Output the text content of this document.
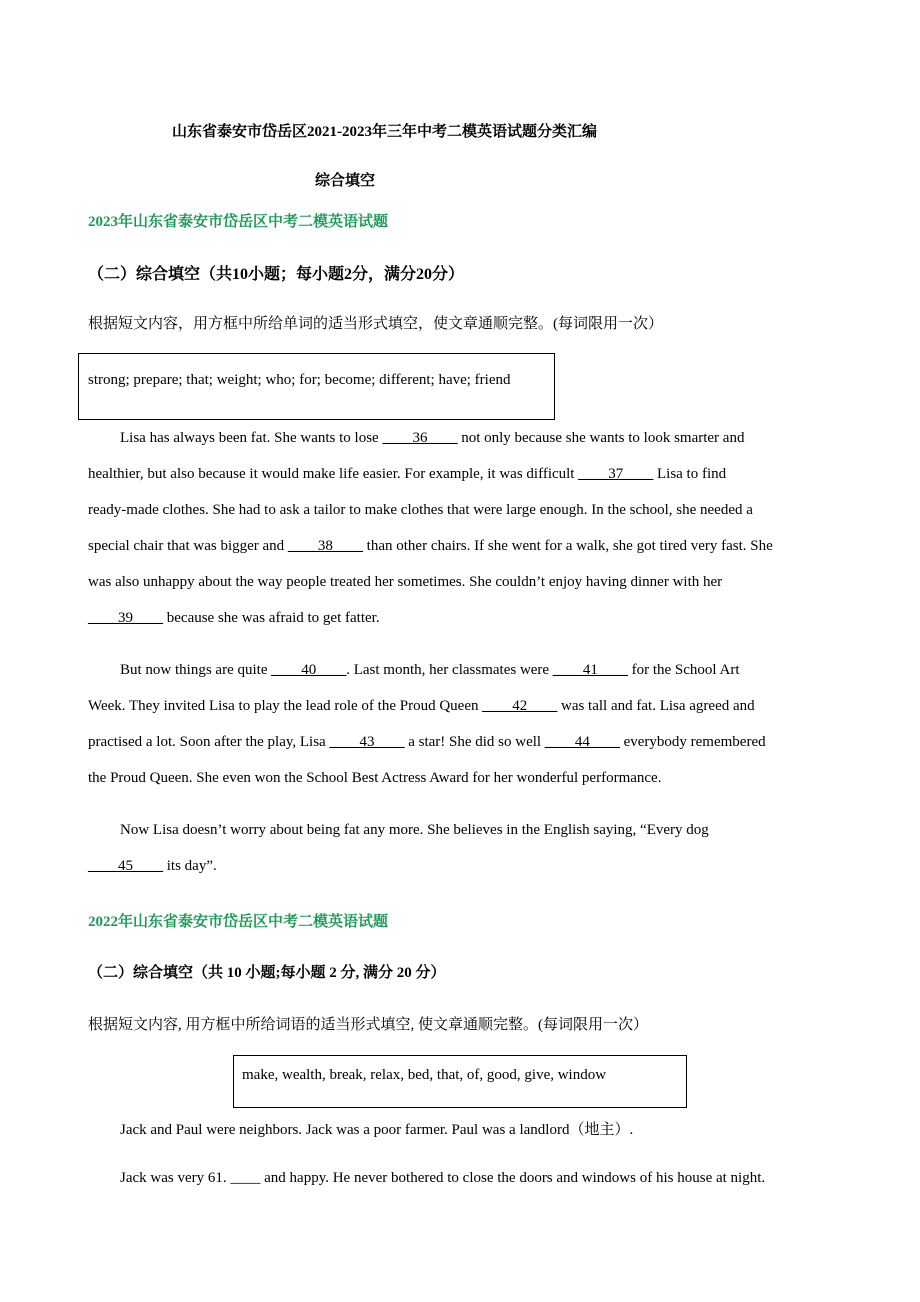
山东省泰安市岱岳区2021-2023年三年中考二模英语试题分类汇编
综合填空
2023年山东省泰安市岱岳区中考二模英语试题
（二）综合填空（共10小题；每小题2分，满分20分）
根据短文内容，用方框中所给单词的适当形式填空，使文章通顺完整。(每词限用一次）
strong; prepare; that; weight; who; for; become; different; have; friend
Lisa has always been fat. She wants to lose ____36____ not only because she wants to look smarter and
healthier, but also because it would make life easier. For example, it was difficult ____37____ Lisa to find
ready-made clothes. She had to ask a tailor to make clothes that were large enough. In the school, she needed a
special chair that was bigger and ____38____ than other chairs. If she went for a walk, she got tired very fast. She
was also unhappy about the way people treated her sometimes. She couldn’t enjoy having dinner with her
____39____ because she was afraid to get fatter.
But now things are quite ____40____. Last month, her classmates were ____41____ for the School Art
Week. They invited Lisa to play the lead role of the Proud Queen ____42____ was tall and fat. Lisa agreed and
practised a lot. Soon after the play, Lisa ____43____ a star! She did so well ____44____ everybody remembered
the Proud Queen. She even won the School Best Actress Award for her wonderful performance.
Now Lisa doesn’t worry about being fat any more. She believes in the English saying, “Every dog
____45____ its day”.
2022年山东省泰安市岱岳区中考二模英语试题
（二）综合填空（共 10 小题;每小题 2 分, 满分 20 分）
根据短文内容, 用方框中所给词语的适当形式填空, 使文章通顺完整。(每词限用一次）
make, wealth, break, relax, bed, that, of, good, give, window
Jack and Paul were neighbors. Jack was a poor farmer. Paul was a landlord（地主）.
Jack was very 61. ____ and happy. He never bothered to close the doors and windows of his house at night.
